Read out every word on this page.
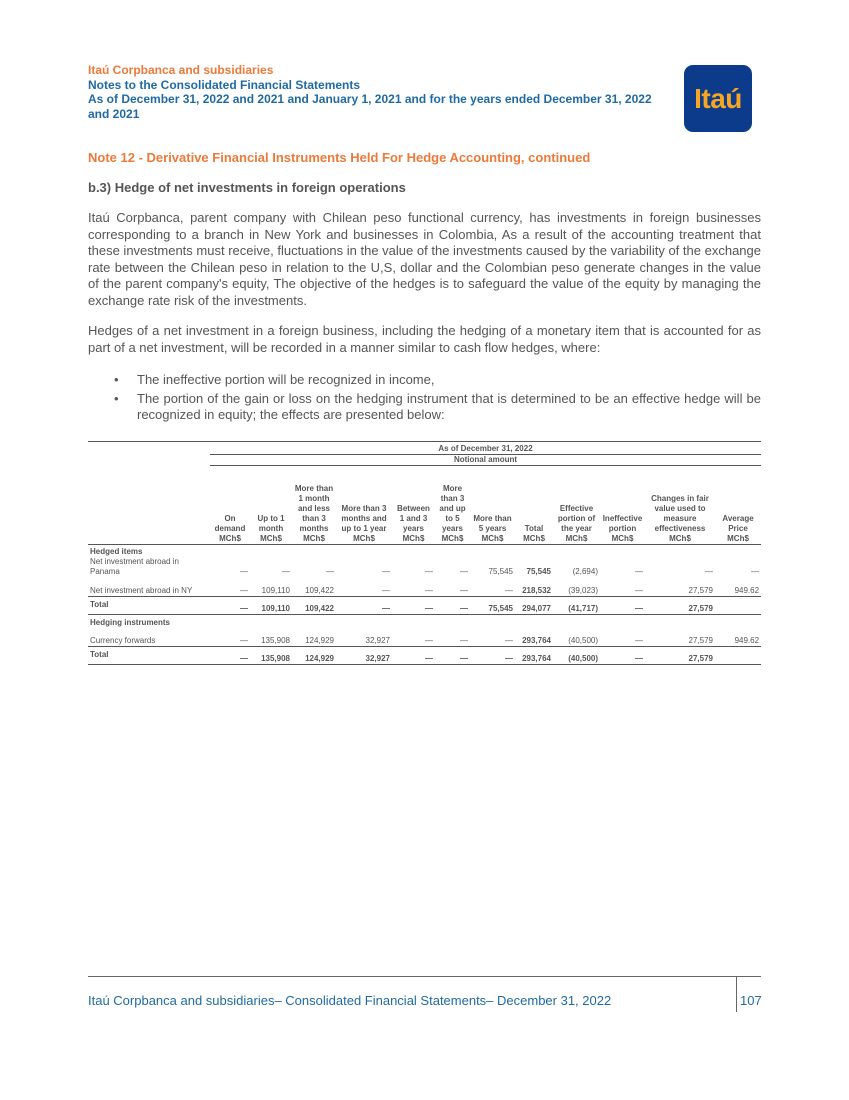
Itaú Corpbanca and subsidiaries
Notes to the Consolidated Financial Statements
As of December 31, 2022 and 2021 and January 1, 2021 and for the years ended December 31, 2022
and 2021	Itaú
Note 12 - Derivative Financial Instruments Held For Hedge Accounting, continued
b.3) Hedge of net investments in foreign operations

Itaú Corpbanca, parent company with Chilean peso functional currency, has investments in foreign businesses corresponding to a branch in New York and businesses in Colombia, As a result of the accounting treatment that these investments must receive, fluctuations in the value of the investments caused by the variability of the exchange rate between the Chilean peso in relation to the U,S, dollar and the Colombian peso generate changes in the value of the parent company's equity, The objective of the hedges is to safeguard the value of the equity by managing the exchange rate risk of the investments.

Hedges of a net investment in a foreign business, including the hedging of a monetary item that is accounted for as part of a net investment, will be recorded in a manner similar to cash flow hedges, where:

• The ineffective portion will be recognized in income,
• The portion of the gain or loss on the hedging instrument that is determined to be an effective hedge will be recognized in equity; the effects are presented below:
	As of December 31, 2022											
	Notional amount											
	On demand	Up to 1 month	More than 1 month and less than 3 months	More than 3 months and up to 1 year	Between 1 and 3 years	More than 3 and up to 5 years	More than 5 years	Total	Effective portion of the year	Ineffective portion	Changes in fair value used to measure effectiveness	Average Price
	MCh$	MCh$	MCh$	MCh$	MCh$	MCh$	MCh$	MCh$	MCh$	MCh$	MCh$	MCh$
Hedged items												
Net investment abroad in Panama	—	—	—	—	—	—	75,545	75,545	(2,694)	—	—	—
Net investment abroad in NY	—	109,110	109,422	—	—	—	—	218,532	(39,023)	—	27,579	949.62
Total	—	109,110	109,422	—	—	—	75,545	294,077	(41,717)	—	27,579	
Hedging instruments												
Currency forwards	—	135,908	124,929	32,927	—	—	—	293,764	(40,500)	—	27,579	949.62
Total	—	135,908	124,929	32,927	—	—	—	293,764	(40,500)	—	27,579	
Itaú Corpbanca and subsidiaries– Consolidated Financial Statements– December 31, 2022	107
